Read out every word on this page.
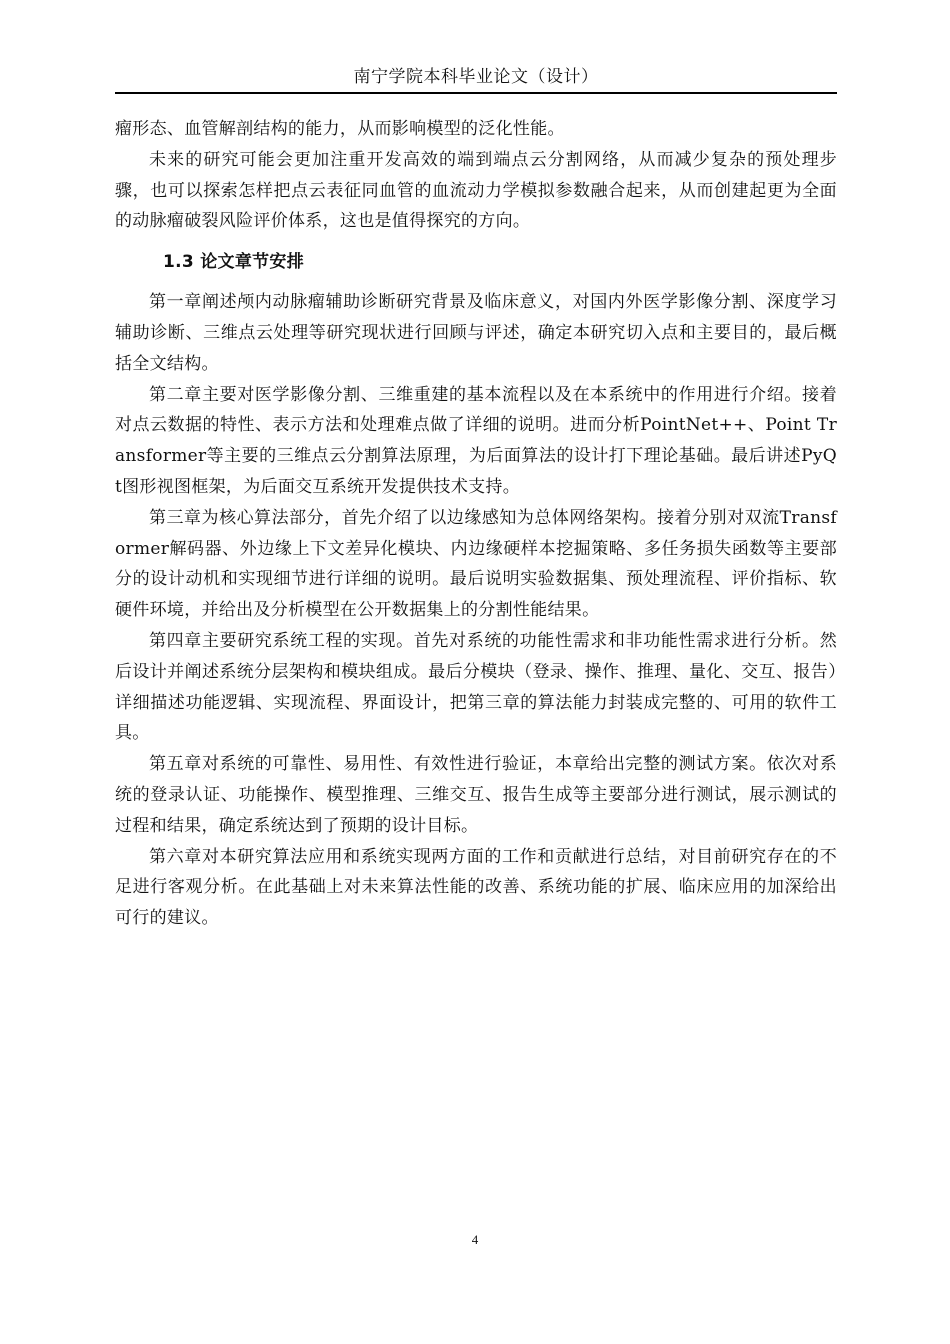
南宁学院本科毕业论文（设计）

瘤形态、血管解剖结构的能力，从而影响模型的泛化性能。

未来的研究可能会更加注重开发高效的端到端点云分割网络，从而减少复杂的预处理步骤，也可以探索怎样把点云表征同血管的血流动力学模拟参数融合起来，从而创建起更为全面的动脉瘤破裂风险评价体系，这也是值得探究的方向。

1.3 论文章节安排

第一章阐述颅内动脉瘤辅助诊断研究背景及临床意义，对国内外医学影像分割、深度学习辅助诊断、三维点云处理等研究现状进行回顾与评述，确定本研究切入点和主要目的，最后概括全文结构。

第二章主要对医学影像分割、三维重建的基本流程以及在本系统中的作用进行介绍。接着对点云数据的特性、表示方法和处理难点做了详细的说明。进而分析PointNet++、Point Transformer等主要的三维点云分割算法原理，为后面算法的设计打下理论基础。最后讲述PyQt图形视图框架，为后面交互系统开发提供技术支持。

第三章为核心算法部分，首先介绍了以边缘感知为总体网络架构。接着分别对双流Transformer解码器、外边缘上下文差异化模块、内边缘硬样本挖掘策略、多任务损失函数等主要部分的设计动机和实现细节进行详细的说明。最后说明实验数据集、预处理流程、评价指标、软硬件环境，并给出及分析模型在公开数据集上的分割性能结果。

第四章主要研究系统工程的实现。首先对系统的功能性需求和非功能性需求进行分析。然后设计并阐述系统分层架构和模块组成。最后分模块（登录、操作、推理、量化、交互、报告）详细描述功能逻辑、实现流程、界面设计，把第三章的算法能力封装成完整的、可用的软件工具。

第五章对系统的可靠性、易用性、有效性进行验证，本章给出完整的测试方案。依次对系统的登录认证、功能操作、模型推理、三维交互、报告生成等主要部分进行测试，展示测试的过程和结果，确定系统达到了预期的设计目标。

第六章对本研究算法应用和系统实现两方面的工作和贡献进行总结，对目前研究存在的不足进行客观分析。在此基础上对未来算法性能的改善、系统功能的扩展、临床应用的加深给出可行的建议。

4
